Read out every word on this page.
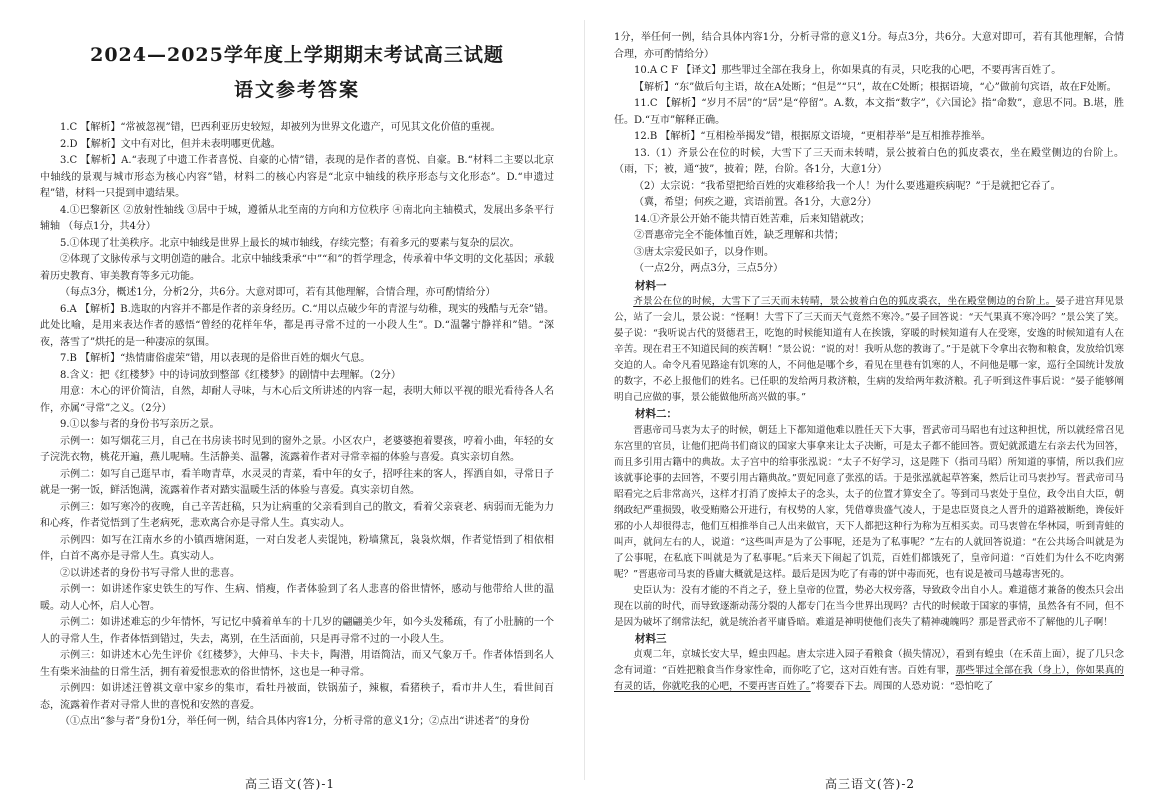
2024—2025学年度上学期期末考试高三试题
语文参考答案

1.C 【解析】“常被忽视”错，巴西利亚历史较短，却被列为世界文化遗产，可见其文化价值的重视。

2.D 【解析】文中有对比，但并未表明哪更优越。

3.C 【解析】A.“表现了中遗工作者喜悦、自豪的心情”错，表现的是作者的喜悦、自豪。B.“材料二主要以北京中轴线的景观与城市形态为核心内容”错，材料二的核心内容是“北京中轴线的秩序形态与文化形态”。D.“申遗过程”错，材料一只提到申遗结果。

4.①巴黎新区 ②放射性轴线 ③居中于城，遵循从北至南的方向和方位秩序 ④南北向主轴模式，发展出多条平行辅轴 （每点1分，共4分）

5.①体现了壮美秩序。北京中轴线是世界上最长的城市轴线，存续完整；有着多元的要素与复杂的层次。

②体现了文脉传承与文明创造的融合。北京中轴线秉承“中”“和”的哲学理念，传承着中华文明的文化基因；承载着历史教育、审美教育等多元功能。

（每点3分，概述1分，分析2分，共6分。大意对即可，若有其他理解，合情合理，亦可酌情给分）

6.A 【解析】B.选取的内容并不都是作者的亲身经历。C.“用以点破少年的青涩与幼稚，现实的残酷与无奈”错。此处比喻，是用来表达作者的感悟“曾经的花样年华，都是再寻常不过的一小段人生”。D.“温馨宁静祥和”错。“深夜，落雪了”烘托的是一种凄凉的氛围。

7.B 【解析】“热情庸俗虚荣”错，用以表现的是俗世百姓的烟火气息。

8.含义：把《红楼梦》中的诗词放到整部《红楼梦》的剧情中去理解。（2分）

用意：木心的评价简洁，自然，却耐人寻味，与木心后文所讲述的内容一起，表明大师以平视的眼光看待各人名作，亦属“寻常”之义。（2分）

9.①以参与者的身份书写亲历之景。

示例一：如写烟花三月，自己在书房读书时见到的窗外之景。小区农户，老婆婆抱着婴孩，哼着小曲，年轻的女子浣洗衣物，桃花开遍，燕儿呢喃。生活静美、温馨，流露着作者对寻常幸福的体验与喜爱。真实亲切自然。

示例二：如写自己逛早市，看羊吻青草，水灵灵的青菜，看中年的女子，招呼往来的客人，挥洒自如，寻常日子就是一粥一饭，鲜活饱满，流露着作者对踏实温暖生活的体验与喜爱。真实亲切自然。

示例三：如写寒冷的夜晚，自己辛苦赶稿，只为让病重的父亲看到自己的散文，看着父亲衰老、病弱而无能为力和心疼，作者觉悟到了生老病死，悲欢离合亦是寻常人生。真实动人。

示例四：如写在江南水乡的小镇西塘闲逛，一对白发老人卖馄饨，粉墙黛瓦，袅袅炊烟，作者觉悟到了相依相伴，白首不离亦是寻常人生。真实动人。

②以讲述者的身份书写寻常人世的悲喜。

示例一：如讲述作家史铁生的写作、生病、悄瘦，作者体验到了名人悲喜的俗世情怀，感动与他带给人世的温暖。动人心怀，启人心智。

示例二：如讲述难忘的少年情怀，写记忆中骑着单车的十几岁的翩翩美少年，如今头发稀疏，有了小肚腩的一个人的寻常人生，作者体悟到错过，失去，离别，在生活面前，只是再寻常不过的一小段人生。

示例三：如讲述木心先生评价《红楼梦》，大伸马、卡夫卡，陶潜，用语简洁，而又气象万千。作者体悟到名人生有柴米油盐的日常生活，拥有着爱恨悲欢的俗世情怀，这也是一种寻常。

示例四：如讲述汪曾祺文章中家乡的集市，看牡丹被面，铁锅茄子，辣椒，看猪秧子，看市井人生，看世间百态，流露着作者对寻常人世的喜悦和安然的喜爱。

（①点出“参与者”身份1分，举任何一例，结合具体内容1分，分析寻常的意义1分；②点出“讲述者”的身份

高三语文(答)-1

1分，举任何一例，结合具体内容1分，分析寻常的意义1分。每点3分，共6分。大意对即可，若有其他理解，合情合理，亦可酌情给分）

10.A C F 【译文】那些罪过全部在我身上，你如果真的有灵，只吃我的心吧，不要再害百姓了。

【解析】“东”做后句主语，故在A处断；“但是”“只”，故在C处断；根据语境，“心”做前句宾语，故在F处断。

11.C 【解析】“岁月不居”的“居”是“停留”。A.数，本文指“数字”，《六国论》指“命数”，意思不同。B.堪，胜任。D.“互市”解释正确。

12.B 【解析】“互相检举揭发”错，根据原文语境，“更相荐举”是互相推荐推举。

13.（1）齐景公在位的时候，大雪下了三天而未转晴，景公披着白色的狐皮裘衣，坐在殿堂侧边的台阶上。（雨，下；被，通“披”，披着；陛，台阶。各1分，大意1分）

（2）太宗说：“我希望把给百姓的灾难移给我一个人！为什么要逃避疾病呢？”于是就把它吞了。

（冀，希望；何疾之避，宾语前置。各1分，大意2分）

14.①齐景公开始不能共情百姓苦难，后来知错就改；

②晋惠帝完全不能体恤百姓，缺乏理解和共情；

③唐太宗爱民如子，以身作则。

（一点2分，两点3分，三点5分）

材料一

齐景公在位的时候，大雪下了三天而未转晴，景公披着白色的狐皮裘衣，坐在殿堂侧边的台阶上。晏子进宫拜见景公，站了一会儿，景公说：“怪啊！大雪下了三天而天气竟然不寒冷。”晏子回答说：“天气果真不寒冷吗？”景公笑了笑。晏子说：“我听说古代的贤德君王，吃饱的时候能知道有人在挨饿，穿暖的时候知道有人在受寒，安逸的时候知道有人在辛苦。现在君王不知道民间的疾苦啊！”景公说：“说的对！我听从您的教诲了。”于是就下令拿出衣物和粮食，发放给饥寒交迫的人。命令凡看见路途有饥寒的人，不问他是哪个乡，看见在里巷有饥寒的人，不问他是哪一家，巡行全国统计发放的数字，不必上报他们的姓名。已任职的发给两月救济粮，生病的发给两年救济粮。孔子听到这件事后说：“晏子能够阐明自己应做的事，景公能做他所高兴做的事。”

材料二：

晋惠帝司马衷为太子的时候，朝廷上下都知道他难以胜任天下大事，晋武帝司马昭也有过这种担忧，所以就经常召见东宫里的官员，让他们把尚书们商议的国家大事拿来让太子决断，可是太子都不能回答。贾妃就派遣左右亲去代为回答，而且多引用古籍中的典故。太子宫中的给事张泓说：“太子不好学习，这是陛下（指司马昭）所知道的事情，所以我们应该就事论事的去回答，不要引用古籍典故。”贾妃同意了张泓的话。于是张泓就起草答案，然后让司马衷抄写。晋武帝司马昭看完之后非常高兴，这样才打消了废掉太子的念头，太子的位置才算安全了。等到司马衷处于皇位，政令出自大臣，朝纲政纪严重损毁，收受贿赂公开进行，有权势的人家，凭借尊贵盛气凌人，于是忠臣贤良之人晋升的道路被断绝，谗佞奸邪的小人却很得志，他们互相推举自己人出来做官，天下人都把这种行为称为互相买卖。司马衷曾在华林园，听到青蛙的叫声，就问左右的人，说道：“这些叫声是为了公事呢，还是为了私事呢？”左右的人就回答说道：“在公共场合叫就是为了公事呢，在私底下叫就是为了私事呢。”后来天下闹起了饥荒，百姓们都饿死了，皇帝问道：“百姓们为什么不吃肉粥呢？”晋惠帝司马衷的昏庸大概就是这样。最后是因为吃了有毒的饼中毒而死，也有说是被司马越毒害死的。

史臣认为：没有才能的不肖之子，登上皇帝的位置，势必大权旁落，导致政令出自小人。难道德才兼备的俊杰只会出现在以前的时代，而导致逐渐动荡分裂的人都专门在当今世界出现吗？古代的时候敢于国家的事情，虽然各有不同，但不是因为破坏了纲常法纪，就是统治者平庸昏暗。难道是神明使他们丧失了精神魂魄吗？那是晋武帝不了解他的儿子啊！

材料三

贞观二年，京城长安大旱，蝗虫四起。唐太宗进入园子看粮食（损失情况），看到有蝗虫（在禾苗上面），捉了几只念念有词道：“百姓把粮食当作身家性命，而你吃了它，这对百姓有害。百姓有罪，那些罪过全部在我（身上），你如果真的有灵的话，你就吃我的心吧，不要再害百姓了。”将要吞下去。周围的人恐劝说：“恐怕吃了

高三语文(答)-2
